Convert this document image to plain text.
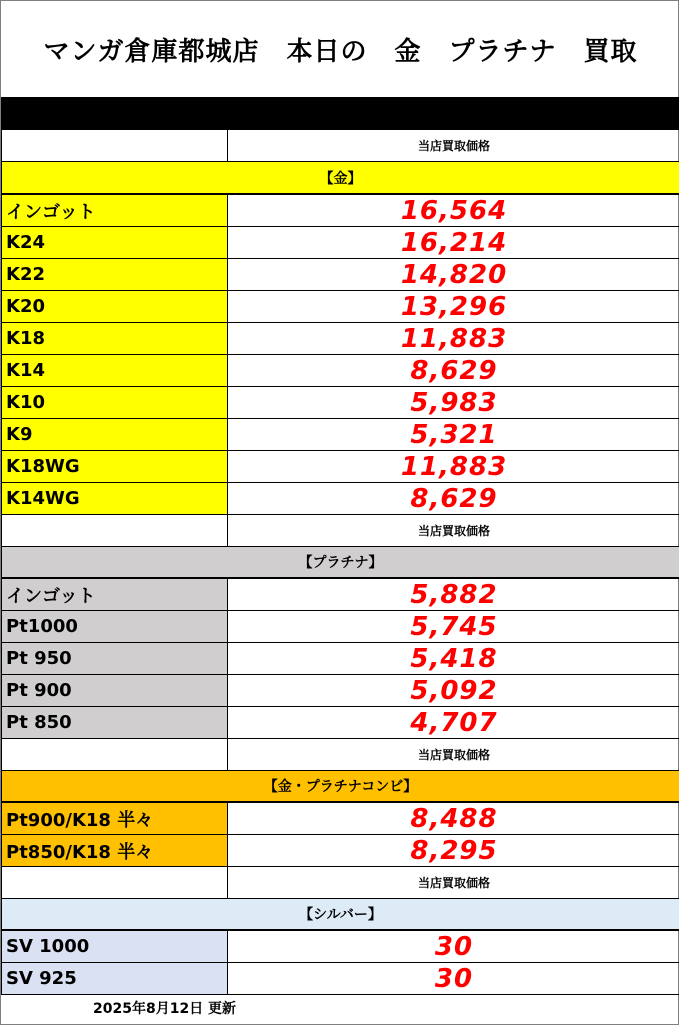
マンガ倉庫都城店　本日の　金　プラチナ　買取
当店買取価格
【金】
インゴット	16,564
K24	16,214
K22	14,820
K20	13,296
K18	11,883
K14	8,629
K10	5,983
K9	5,321
K18WG	11,883
K14WG	8,629
当店買取価格
【プラチナ】
インゴット	5,882
Pt1000	5,745
Pt 950	5,418
Pt 900	5,092
Pt 850	4,707
当店買取価格
【金・プラチナコンビ】
Pt900/K18 半々	8,488
Pt850/K18 半々	8,295
当店買取価格
【シルバー】
SV 1000	30
SV 925	30
2025年8月12日 更新
